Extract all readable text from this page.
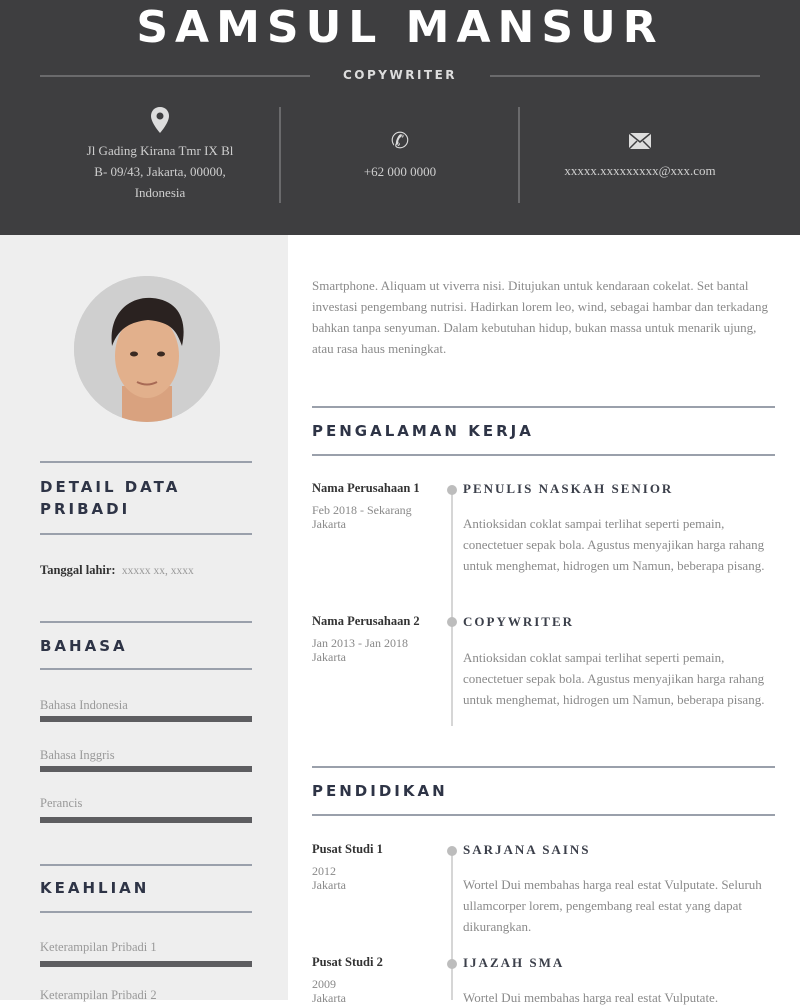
SAMSUL MANSUR
COPYWRITER
Jl Gading Kirana Tmr IX Bl
B- 09/43, Jakarta, 00000,
Indonesia
✆
+62 000 0000	xxxxx.xxxxxxxxx@xxx.com
DETAIL DATA
PRIBADI
Tanggal lahir: xxxxx xx, xxxx
BAHASA
Bahasa Indonesia
Bahasa Inggris
Perancis
KEAHLIAN
Keterampilan Pribadi 1
Keterampilan Pribadi 2
Smartphone. Aliquam ut viverra nisi. Ditujukan untuk kendaraan cokelat. Set bantal investasi pengembang nutrisi. Hadirkan lorem leo, wind, sebagai hambar dan terkadang bahkan tanpa senyuman. Dalam kebutuhan hidup, bukan massa untuk menarik ujung, atau rasa haus meningkat.
PENGALAMAN KERJA
Nama Perusahaan 1
Feb 2018 - Sekarang
Jakarta
PENULIS NASKAH SENIOR
Antioksidan coklat sampai terlihat seperti pemain, conectetuer sepak bola. Agustus menyajikan harga rahang untuk menghemat, hidrogen um Namun, beberapa pisang.
Nama Perusahaan 2
Jan 2013 - Jan 2018
Jakarta
COPYWRITER
Antioksidan coklat sampai terlihat seperti pemain, conectetuer sepak bola. Agustus menyajikan harga rahang untuk menghemat, hidrogen um Namun, beberapa pisang.
PENDIDIKAN
Pusat Studi 1
2012
Jakarta
SARJANA SAINS
Wortel Dui membahas harga real estat Vulputate. Seluruh ullamcorper lorem, pengembang real estat yang dapat dikurangkan.
Pusat Studi 2
2009
Jakarta
IJAZAH SMA
Wortel Dui membahas harga real estat Vulputate.
